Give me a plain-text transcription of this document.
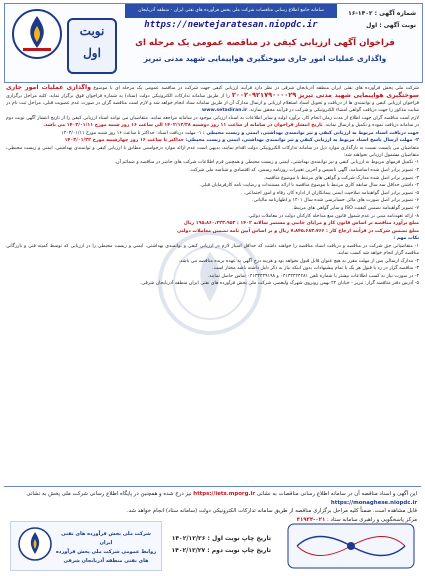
سامانه جامع اطلاع رسانی مناقصات شرکت ملی پخش فرآورده های نفتی ایران - منطقه آذربایجان
https://newtejaratesan.niopdc.ir
شماره آگهی : ۱۴۰۲-۱۶
نوبت آگهی : اول
نوبت
اول
فراخوان آگهی ارزیابی کیفی در مناقصه عمومی یک مرحله ای
واگذاری عملیات امور جاری سوختگیری هواپیمایی شهید مدنی تبریز

شرکت ملی پخش فرآورده های نفتی ایران منطقه آذربایجان شرقی در نظر دارد فرآیند ارزیابی کیفی جهت شرکت در مناقصه عمومی یک مرحله ای با موضوع واگذاری عملیات امور جاری سوختگیری هواپیمایی شهید مدنی تبریز ۲۰۰۲۰۹۲۱۷۹۰۰۰۰۲۹ را از طریق سامانه تدارکات الکترونیکی دولت (ستاد) به شماره فراخوان فوق برگزار نماید. کلیه مراحل برگزاری فراخوان ارزیابی کیفی و توانمندی ها از دریافت و تحویل اسناد استعلام ارزیابی و ارسال مدارک آن از طریق سامانه ستاد انجام خواهد شد و لازم است مناقصه گران در صورت عدم عضویت قبلی، مراحل ثبت نام در سایت مذکور را جهت دریافت گواهی امضاء الکترونیکی و شرکت در فرآیند محقق سازند. www.setadiran.ir

لازم است مناقصه گران جهت اطلاع از مدت زمان انجام کار، برآورد اولیه و سایر اطلاعات به اسناد ارزیابی موجود در سامانه مراجعه نمایند. متقاضیان می توانند اسناد ارزیابی کیفی را از تاریخ انتشار آگهی نوبت دوم در سامانه دریافت نموده و تکمیل و ارسال نمایند. تاریخ انتشار فراخوان در سامانه از ساعت ۱۱ روز دوشنبه ۱۴۰۲/۱۲/۲۸ الی ساعت ۱۶ روز شنبه مورخ ۱۴۰۳/۰۱/۱۱ می باشد.

جهت دریافت اسناد مربوط به ارزیابی کیفی و نیز توانمندی بهداشتی، ایمنی و زیست محیطی : ۱- مهلت دریافت اسناد: حداکثر تا ساعت ۱۶ روز شنبه مورخ ۱۴۰۳/۰۱/۱۱

۲- مهلت ارسال پاسخ اسناد مربوط به ارزیابی کیفی و نیز توانمندی بهداشتی، ایمنی و زیست محیطی: حداکثر تا ساعت ۱۶ روز چهارشنبه مورخ ۱۴۰۳/۰۱/۲۲

متقاضیان می بایست نسبت به بارگذاری موارد ذیل در سامانه تدارکات الکترونیکی دولت اقدام نمایند، بدیهی است عدم ارائه موارد درخواستی مطابق با ارزیابی کیفی و توانمندی بهداشتی، ایمنی و زیست محیطی، متقاضیان مشمول ارزیابی نخواهند شد:

۱- تکمیل فرمهای مربوط به ارزیابی کیفی و نیز توانمندی بهداشتی، ایمنی و زیست محیطی و همچنین فرم اطلاعات شرکت های حاضر در مناقصه و ضمائم آن.

۲- تصویر برابر اصل شده اساسنامه، آگهی تاسیس و آخرین تغییرات روزنامه رسمی، کد اقتصادی و شناسه ملی شرکت.

۳- تصویر برابر اصل شده مدارک شرکت و گواهی های مرتبط با موضوع مناقصه.

۴- داشتن حداقل سه سال سابقه کاری مرتبط با موضوع مناقصه با ارائه مستندات و رضایت نامه کارفرمایان قبلی.

۵- تصویر برابر اصل گواهینامه صلاحیت ایمنی پیمانکاران از اداره کار، رفاه و امور اجتماعی.

۶- تصویر برابر اصل صورت های مالی حسابرسی شده سال ۱۴۰۱ و اظهارنامه مالیاتی.

۷- تصویر گواهینامه تضمین کیفیت ISO و سایر گواهی های مرتبط.

۸- ارائه تعهدنامه مبنی بر عدم شمول قانون منع مداخله کارکنان دولت در معاملات دولتی.

مبلغ برآورد مناقصه بر اساس قانون کار و مزایای جانبی و مستمر سالانه ۱۴۰۲ : ۱۹۵،۸۶۰،۲۲۳،۹۵۳ ریال

مبلغ تضمین شرکت در فرآیند ارجاع کار : ۷،۸۴۵،۶۸۳،۷۶۶ ریال و بر اساس آیین نامه تضمین معاملات دولتی

نکات مهم :

۱- متقاضیانی حق شرکت در مناقصه و دریافت اسناد مناقصه را خواهند داشت که حداقل امتیاز لازم در ارزیابی کیفی و توانمندی بهداشتی، ایمنی و زیست محیطی را در ارزیابی که توسط کمیته فنی و بازرگانی مناقصه گزار انجام خواهد شد کسب نمایند.

۲- مدارک ارسالی پس از مهلت مقرر به هیچ عنوان قابل قبول نخواهد بود و هزینه درج آگهی به عهده برنده مناقصه می باشد.

۳- مناقصه گزار در رد یا قبول هر یک یا تمام پیشنهادات بدون اینکه نیاز به ذکر دلیل داشته باشد مختار است.

۴- در صورت نیاز به کسب اطلاعات بیشتر با شماره تلفن ۰۴۱۳۴۴۲۴۲۸۱ و ۰۴۱۳۳۴۳۹۱۹۸ تماس حاصل نمایند.

۵- آدرس دفتر مناقصه گزار: تبریز - خیابان ۲۲ بهمن روبروی شهرک ولیعصر، شرکت ملی پخش فرآورده های نفتی ایران منطقه آذربایجان شرقی.

این آگهی و اسناد مناقصه آن در سامانه اطلاع رسانی مناقصات به نشانی https://iets.mporg.ir نیز درج شده و همچنین در پایگاه اطلاع رسانی شرکت ملی پخش به نشانی https://monaghese.niopdc.ir
قابل مشاهده است. ضمناً کلیه مراحل برگزاری مناقصه از طریق سامانه تدارکات الکترونیکی دولت (سامانه ستاد) انجام خواهد شد.
مرکز پاسخگویی و راهبری سامانه ستاد : ۰۲۱-۴۱۹۳۴
تاریخ چاپ نوبت اول : ۱۴۰۲/۱۲/۲۶
تاریخ چاپ نوبت دوم : ۱۴۰۲/۱۲/۲۷
شرکت ملی پخش فرآورده های نفتی ایران
روابط عمومی شرکت ملی پخش فرآورده های نفتی منطقه آذربایجان شرقی
